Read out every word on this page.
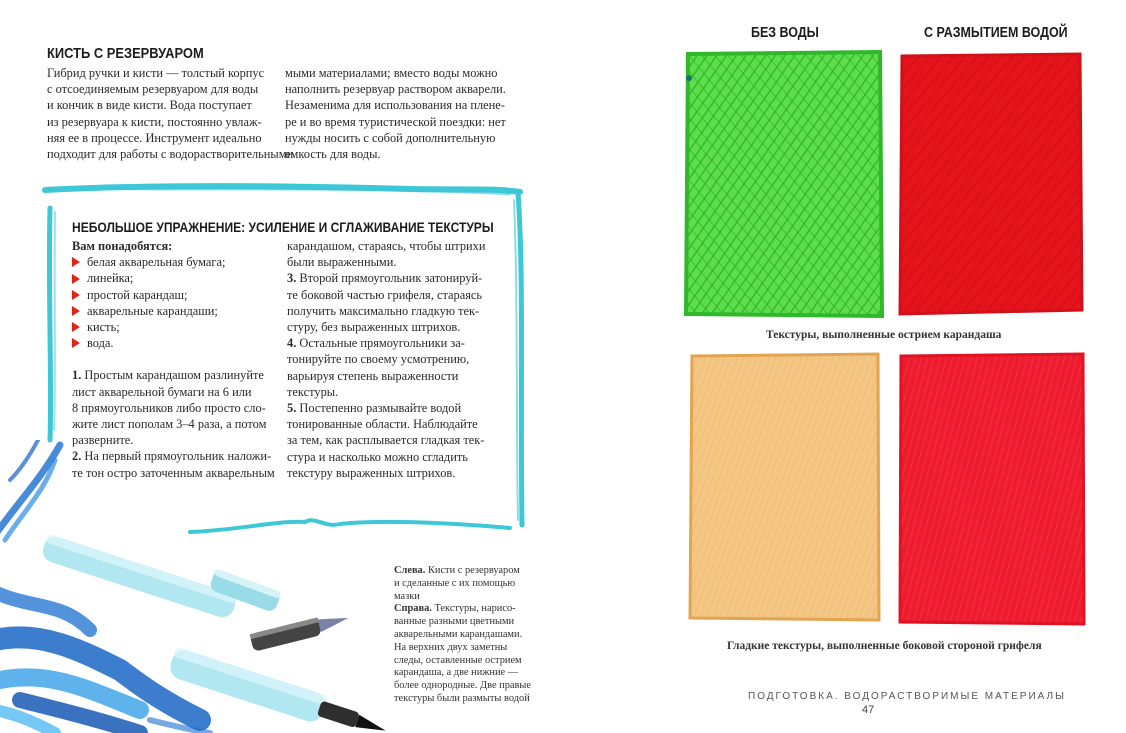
КИСТЬ С РЕЗЕРВУАРОМ
Гибрид ручки и кисти — толстый корпус
с отсоединяемым резервуаром для воды
и кончик в виде кисти. Вода поступает
из резервуара к кисти, постоянно увлаж-
няя ее в процессе. Инструмент идеально
подходит для работы с водорастворительными
мыми материалами; вместо воды можно
наполнить резервуар раствором акварели.
Незаменима для использования на плене-
ре и во время туристической поездки: нет
нужды носить с собой дополнительную
емкость для воды.
НЕБОЛЬШОЕ УПРАЖНЕНИЕ: УСИЛЕНИЕ И СГЛАЖИВАНИЕ ТЕКСТУРЫ
Вам понадобятся:
белая акварельная бумага;
линейка;
простой карандаш;
акварельные карандаши;
кисть;
вода.
1. Простым карандашом разлинуйте
лист акварельной бумаги на 6 или
8 прямоугольников либо просто сло-
жите лист пополам 3–4 раза, а потом
разверните.
2. На первый прямоугольник наложи-
те тон остро заточенным акварельным
карандашом, стараясь, чтобы штрихи
были выраженными.
3. Второй прямоугольник затонируй-
те боковой частью грифеля, стараясь
получить максимально гладкую тек-
стуру, без выраженных штрихов.
4. Остальные прямоугольники за-
тонируйте по своему усмотрению,
варьируя степень выраженности
текстуры.
5. Постепенно размывайте водой
тонированные области. Наблюдайте
за тем, как расплывается гладкая тек-
стура и насколько можно сгладить
текстуру выраженных штрихов.
Слева. Кисти с резервуаром
и сделанные с их помощью
мазки
Справа. Текстуры, нарисо-
ванные разными цветными
акварельными карандашами.
На верхних двух заметны
следы, оставленные острием
карандаша, а две нижние —
более однородные. Две правые
текстуры были размыты водой
БЕЗ ВОДЫ	С РАЗМЫТИЕМ ВОДОЙ
Текстуры, выполненные острием карандаша
Гладкие текстуры, выполненные боковой стороной грифеля
ПОДГОТОВКА. ВОДОРАСТВОРИМЫЕ МАТЕРИАЛЫ
47
